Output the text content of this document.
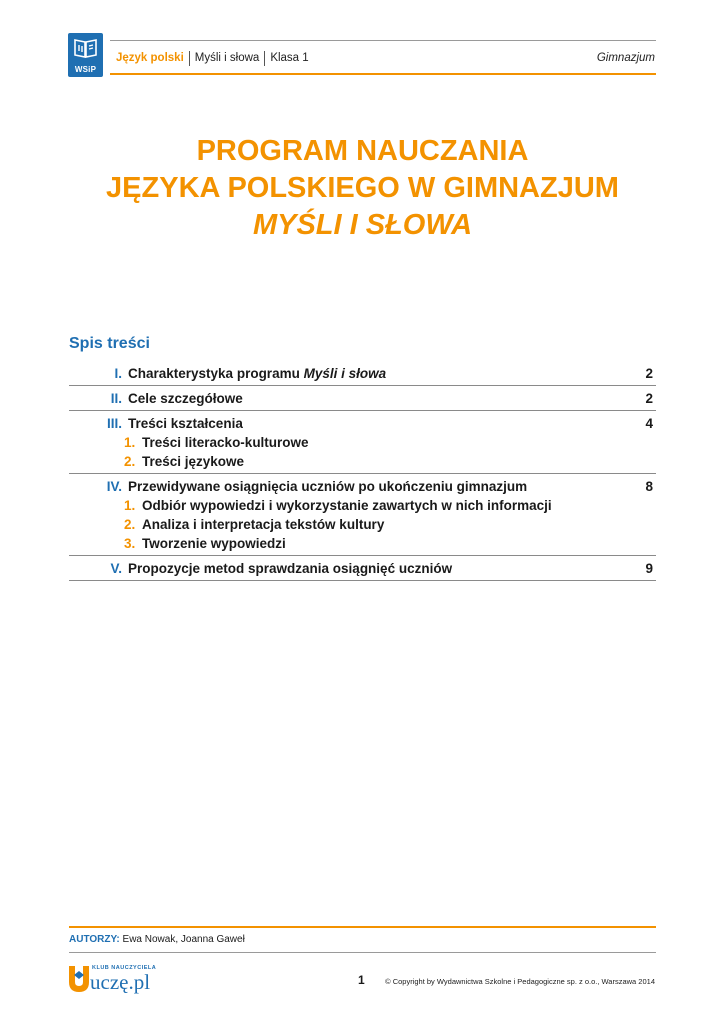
WSiP
Język polski Myśli i słowa Klasa 1	Gimnazjum
PROGRAM NAUCZANIA
JĘZYKA POLSKIEGO W GIMNAZJUM
MYŚLI I SŁOWA
Spis treści
I. Charakterystyka programu Myśli i słowa	2
II. Cele szczegółowe	2
III. Treści kształcenia	4
1. Treści literacko-kulturowe
2. Treści językowe
IV. Przewidywane osiągnięcia uczniów po ukończeniu gimnazjum	8
1. Odbiór wypowiedzi i wykorzystanie zawartych w nich informacji
2. Analiza i interpretacja tekstów kultury
3. Tworzenie wypowiedzi
V. Propozycje metod sprawdzania osiągnięć uczniów	9
AUTORZY: Ewa Nowak, Joanna Gaweł
KLUB NAUCZYCIELA
uczę.pl	1	© Copyright by Wydawnictwa Szkolne i Pedagogiczne sp. z o.o., Warszawa 2014
